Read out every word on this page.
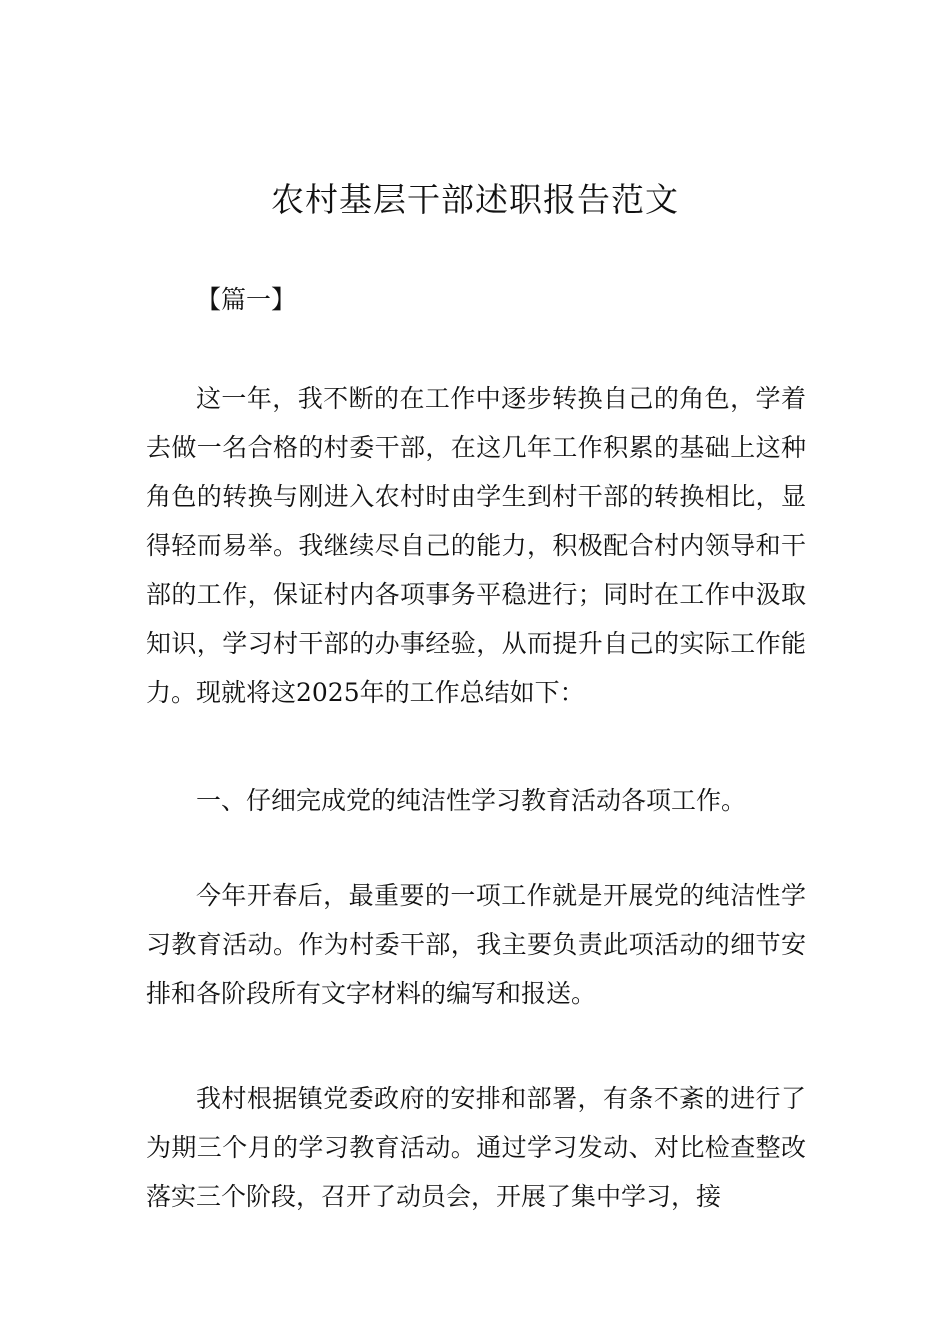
农村基层干部述职报告范文

【篇一】

这一年，我不断的在工作中逐步转换自己的角色，学着去做一名合格的村委干部，在这几年工作积累的基础上这种角色的转换与刚进入农村时由学生到村干部的转换相比，显得轻而易举。我继续尽自己的能力，积极配合村内领导和干部的工作，保证村内各项事务平稳进行；同时在工作中汲取知识，学习村干部的办事经验，从而提升自己的实际工作能力。现就将这2025年的工作总结如下：

一、仔细完成党的纯洁性学习教育活动各项工作。

今年开春后，最重要的一项工作就是开展党的纯洁性学习教育活动。作为村委干部，我主要负责此项活动的细节安排和各阶段所有文字材料的编写和报送。

我村根据镇党委政府的安排和部署，有条不紊的进行了为期三个月的学习教育活动。通过学习发动、对比检查整改落实三个阶段，召开了动员会，开展了集中学习，接
